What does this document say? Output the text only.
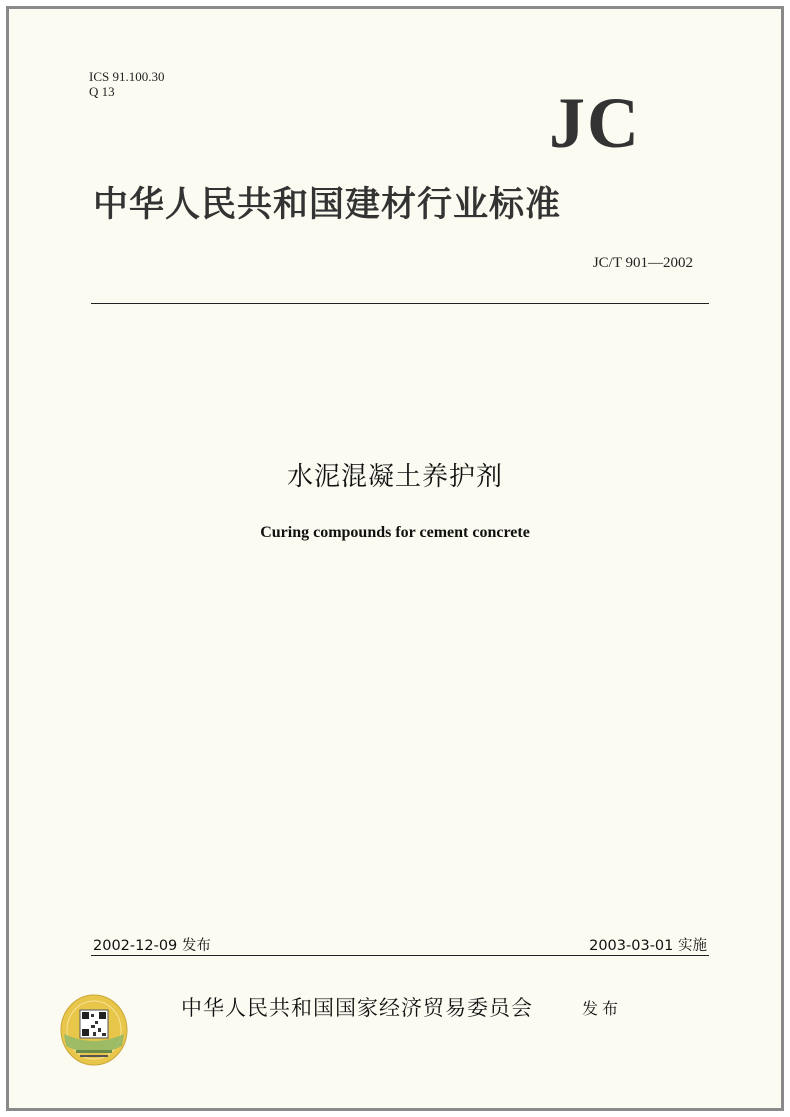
ICS 91.100.30
Q 13	JC
中华人民共和国建材行业标准
JC/T 901—2002
水泥混凝土养护剂
Curing compounds for cement concrete
2002-12-09 发布	2003-03-01 实施
中华人民共和国国家经济贸易委员会	发布
